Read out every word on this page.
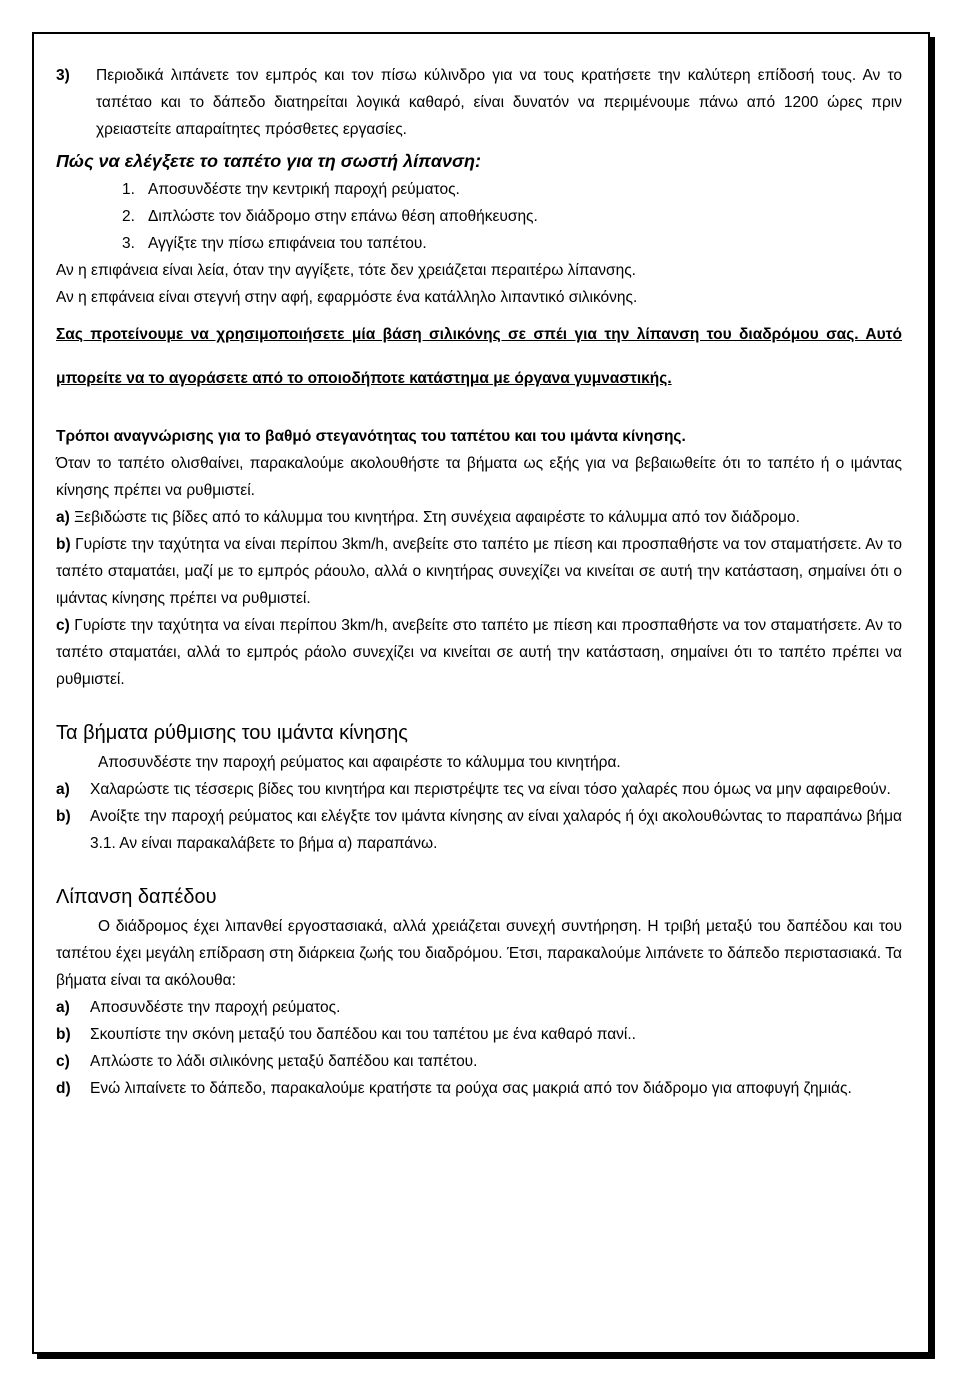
3)	Περιοδικά λιπάνετε τον εμπρός και τον πίσω κύλινδρο για να τους κρατήσετε την καλύτερη επίδοσή τους. Αν το ταπέταο και το δάπεδο διατηρείται λογικά καθαρό, είναι δυνατόν να περιμένουμε πάνω από 1200 ώρες πριν χρειαστείτε απαραίτητες πρόσθετες εργασίες.
Πώς να ελέγξετε το ταπέτο για τη σωστή λίπανση:
1. Αποσυνδέστε την κεντρική παροχή ρεύματος.
2. Διπλώστε τον διάδρομο στην επάνω θέση αποθήκευσης.
3. Αγγίξτε την πίσω επιφάνεια του ταπέτου.
Αν η επιφάνεια είναι λεία, όταν την αγγίξετε, τότε δεν χρειάζεται περαιτέρω λίπανσης.
Αν η επφάνεια είναι στεγνή στην αφή, εφαρμόστε ένα κατάλληλο λιπαντικό σιλικόνης.
Σας προτείνουμε να χρησιμοποιήσετε μία βάση σιλικόνης σε σπέι για την λίπανση του διαδρόμου σας. Αυτό μπορείτε να το αγοράσετε από το οποιοδήποτε κατάστημα με όργανα γυμναστικής.
Τρόποι αναγνώρισης για το βαθμό στεγανότητας του ταπέτου και του ιμάντα κίνησης.
Όταν το ταπέτο ολισθαίνει, παρακαλούμε ακολουθήστε τα βήματα ως εξής για να βεβαιωθείτε ότι το ταπέτο ή ο ιμάντας κίνησης πρέπει να ρυθμιστεί.
a) Ξεβιδώστε τις βίδες από το κάλυμμα του κινητήρα. Στη συνέχεια αφαιρέστε το κάλυμμα από τον διάδρομο.
b) Γυρίστε την ταχύτητα να είναι περίπου 3km/h, ανεβείτε στο ταπέτο με πίεση και προσπαθήστε να τον σταματήσετε. Αν το ταπέτο σταματάει, μαζί με το εμπρός ράουλο, αλλά ο κινητήρας συνεχίζει να κινείται σε αυτή την κατάσταση, σημαίνει ότι ο ιμάντας κίνησης πρέπει να ρυθμιστεί.
c) Γυρίστε την ταχύτητα να είναι περίπου 3km/h, ανεβείτε στο ταπέτο με πίεση και προσπαθήστε να τον σταματήσετε. Αν το ταπέτο σταματάει, αλλά το εμπρός ράολο συνεχίζει να κινείται σε αυτή την κατάσταση, σημαίνει ότι το ταπέτο πρέπει να ρυθμιστεί.
Τα βήματα ρύθμισης του ιμάντα κίνησης
Αποσυνδέστε την παροχή ρεύματος και αφαιρέστε το κάλυμμα του κινητήρα.
a)	Χαλαρώστε τις τέσσερις βίδες του κινητήρα και περιστρέψτε τες να είναι τόσο χαλαρές που όμως να μην αφαιρεθούν.
b)	Ανοίξτε την παροχή ρεύματος και ελέγξτε τον ιμάντα κίνησης αν είναι χαλαρός ή όχι ακολουθώντας το παραπάνω βήμα 3.1. Αν είναι παρακαλάβετε το βήμα α) παραπάνω.
Λίπανση δαπέδου
Ο διάδρομος έχει λιπανθεί εργοστασιακά, αλλά χρειάζεται συνεχή συντήρηση. Η τριβή μεταξύ του δαπέδου και του ταπέτου έχει μεγάλη επίδραση στη διάρκεια ζωής του διαδρόμου. Έτσι, παρακαλούμε λιπάνετε το δάπεδο περιστασιακά. Τα βήματα είναι τα ακόλουθα:
a)	Αποσυνδέστε την παροχή ρεύματος.
b)	Σκουπίστε την σκόνη μεταξύ του δαπέδου και του ταπέτου με ένα καθαρό πανί..
c)	Απλώστε το λάδι σιλικόνης μεταξύ δαπέδου και ταπέτου.
d)	Ενώ λιπαίνετε το δάπεδο, παρακαλούμε κρατήστε τα ρούχα σας μακριά από τον διάδρομο για αποφυγή ζημιάς.
